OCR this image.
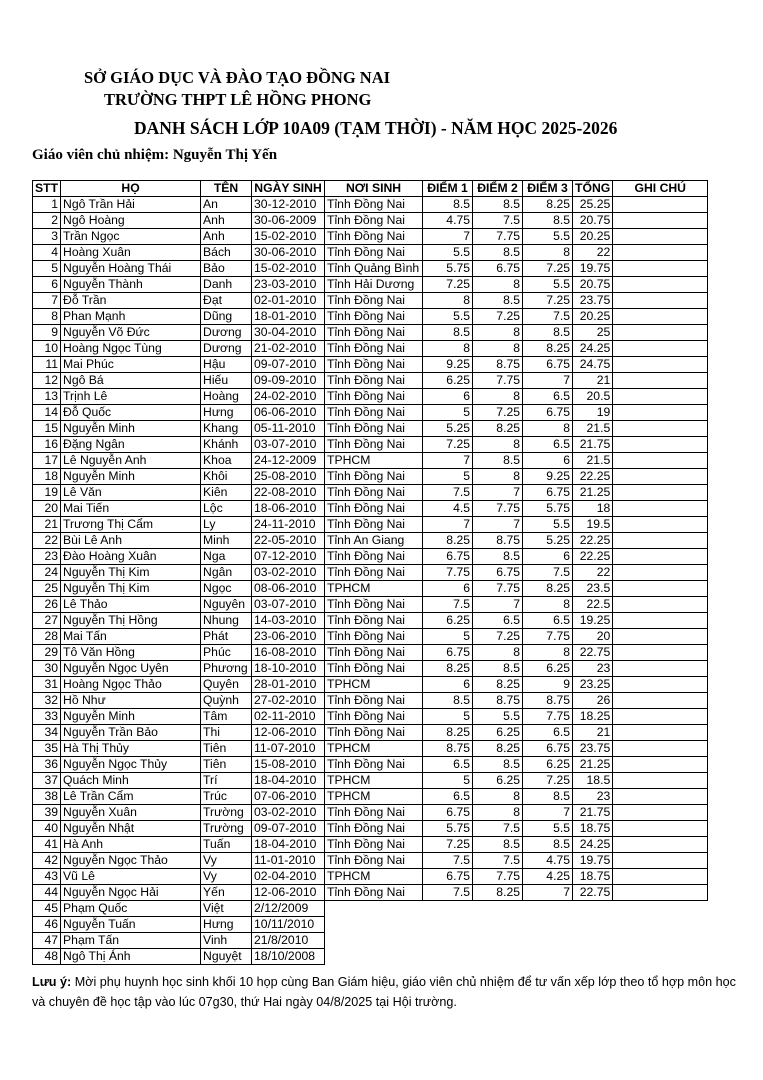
SỞ GIÁO DỤC VÀ ĐÀO TẠO ĐỒNG NAI
TRƯỜNG THPT LÊ HỒNG PHONG
DANH SÁCH LỚP 10A09 (TẠM THỜI) - NĂM HỌC 2025-2026
Giáo viên chủ nhiệm: Nguyễn Thị Yến
STT	HỌ	TÊN	NGÀY SINH	NƠI SINH	ĐIỂM 1	ĐIỂM 2	ĐIỂM 3	TỔNG	GHI CHÚ
1	Ngô Trần Hải	An	30-12-2010	Tỉnh Đồng Nai	8.5	8.5	8.25	25.25	
2	Ngô Hoàng	Anh	30-06-2009	Tỉnh Đồng Nai	4.75	7.5	8.5	20.75	
3	Trần Ngọc	Anh	15-02-2010	Tỉnh Đồng Nai	7	7.75	5.5	20.25	
4	Hoàng Xuân	Bách	30-06-2010	Tỉnh Đồng Nai	5.5	8.5	8	22	
5	Nguyễn Hoàng Thái	Bảo	15-02-2010	Tỉnh Quảng Bình	5.75	6.75	7.25	19.75	
6	Nguyễn Thành	Danh	23-03-2010	Tỉnh Hải Dương	7.25	8	5.5	20.75	
7	Đỗ Trần	Đạt	02-01-2010	Tỉnh Đồng Nai	8	8.5	7.25	23.75	
8	Phan Mạnh	Dũng	18-01-2010	Tỉnh Đồng Nai	5.5	7.25	7.5	20.25	
9	Nguyễn Võ Đức	Dương	30-04-2010	Tỉnh Đồng Nai	8.5	8	8.5	25	
10	Hoàng Ngọc Tùng	Dương	21-02-2010	Tỉnh Đồng Nai	8	8	8.25	24.25	
11	Mai Phúc	Hậu	09-07-2010	Tỉnh Đồng Nai	9.25	8.75	6.75	24.75	
12	Ngô Bá	Hiếu	09-09-2010	Tỉnh Đồng Nai	6.25	7.75	7	21	
13	Trịnh Lê	Hoàng	24-02-2010	Tỉnh Đồng Nai	6	8	6.5	20.5	
14	Đỗ Quốc	Hưng	06-06-2010	Tỉnh Đồng Nai	5	7.25	6.75	19	
15	Nguyễn Minh	Khang	05-11-2010	Tỉnh Đồng Nai	5.25	8.25	8	21.5	
16	Đặng Ngân	Khánh	03-07-2010	Tỉnh Đồng Nai	7.25	8	6.5	21.75	
17	Lê Nguyễn Anh	Khoa	24-12-2009	TPHCM	7	8.5	6	21.5	
18	Nguyễn Minh	Khôi	25-08-2010	Tỉnh Đồng Nai	5	8	9.25	22.25	
19	Lê Văn	Kiên	22-08-2010	Tỉnh Đồng Nai	7.5	7	6.75	21.25	
20	Mai Tiến	Lộc	18-06-2010	Tỉnh Đồng Nai	4.5	7.75	5.75	18	
21	Trương Thị Cẩm	Ly	24-11-2010	Tỉnh Đồng Nai	7	7	5.5	19.5	
22	Bùi Lê Anh	Minh	22-05-2010	Tỉnh An Giang	8.25	8.75	5.25	22.25	
23	Đào Hoàng Xuân	Nga	07-12-2010	Tỉnh Đồng Nai	6.75	8.5	6	22.25	
24	Nguyễn Thị Kim	Ngân	03-02-2010	Tỉnh Đồng Nai	7.75	6.75	7.5	22	
25	Nguyễn Thị Kim	Ngọc	08-06-2010	TPHCM	6	7.75	8.25	23.5	
26	Lê Thảo	Nguyên	03-07-2010	Tỉnh Đồng Nai	7.5	7	8	22.5	
27	Nguyễn Thị Hồng	Nhung	14-03-2010	Tỉnh Đồng Nai	6.25	6.5	6.5	19.25	
28	Mai Tấn	Phát	23-06-2010	Tỉnh Đồng Nai	5	7.25	7.75	20	
29	Tô Văn Hồng	Phúc	16-08-2010	Tỉnh Đồng Nai	6.75	8	8	22.75	
30	Nguyễn Ngọc Uyên	Phương	18-10-2010	Tỉnh Đồng Nai	8.25	8.5	6.25	23	
31	Hoàng Ngọc Thảo	Quyên	28-01-2010	TPHCM	6	8.25	9	23.25	
32	Hồ Như	Quỳnh	27-02-2010	Tỉnh Đồng Nai	8.5	8.75	8.75	26	
33	Nguyễn Minh	Tâm	02-11-2010	Tỉnh Đồng Nai	5	5.5	7.75	18.25	
34	Nguyễn Trần Bảo	Thi	12-06-2010	Tỉnh Đồng Nai	8.25	6.25	6.5	21	
35	Hà Thị Thủy	Tiên	11-07-2010	TPHCM	8.75	8.25	6.75	23.75	
36	Nguyễn Ngọc Thủy	Tiên	15-08-2010	Tỉnh Đồng Nai	6.5	8.5	6.25	21.25	
37	Quách Minh	Trí	18-04-2010	TPHCM	5	6.25	7.25	18.5	
38	Lê Trần Cẩm	Trúc	07-06-2010	TPHCM	6.5	8	8.5	23	
39	Nguyễn Xuân	Trường	03-02-2010	Tỉnh Đồng Nai	6.75	8	7	21.75	
40	Nguyễn Nhật	Trường	09-07-2010	Tỉnh Đồng Nai	5.75	7.5	5.5	18.75	
41	Hà Anh	Tuấn	18-04-2010	Tỉnh Đồng Nai	7.25	8.5	8.5	24.25	
42	Nguyễn Ngọc Thảo	Vy	11-01-2010	Tỉnh Đồng Nai	7.5	7.5	4.75	19.75	
43	Vũ Lê	Vy	02-04-2010	TPHCM	6.75	7.75	4.25	18.75	
44	Nguyễn Ngọc Hải	Yến	12-06-2010	Tỉnh Đồng Nai	7.5	8.25	7	22.75	
45	Phạm Quốc	Việt	2/12/2009						
46	Nguyễn Tuấn	Hưng	10/11/2010						
47	Phạm Tấn	Vinh	21/8/2010						
48	Ngô Thị Ánh	Nguyệt	18/10/2008						
Lưu ý: Mời phụ huynh học sinh khối 10 họp cùng Ban Giám hiệu, giáo viên chủ nhiệm để tư vấn xếp lớp theo tổ hợp môn học và chuyên đề học tập vào lúc 07g30, thứ Hai ngày 04/8/2025 tại Hội trường.
